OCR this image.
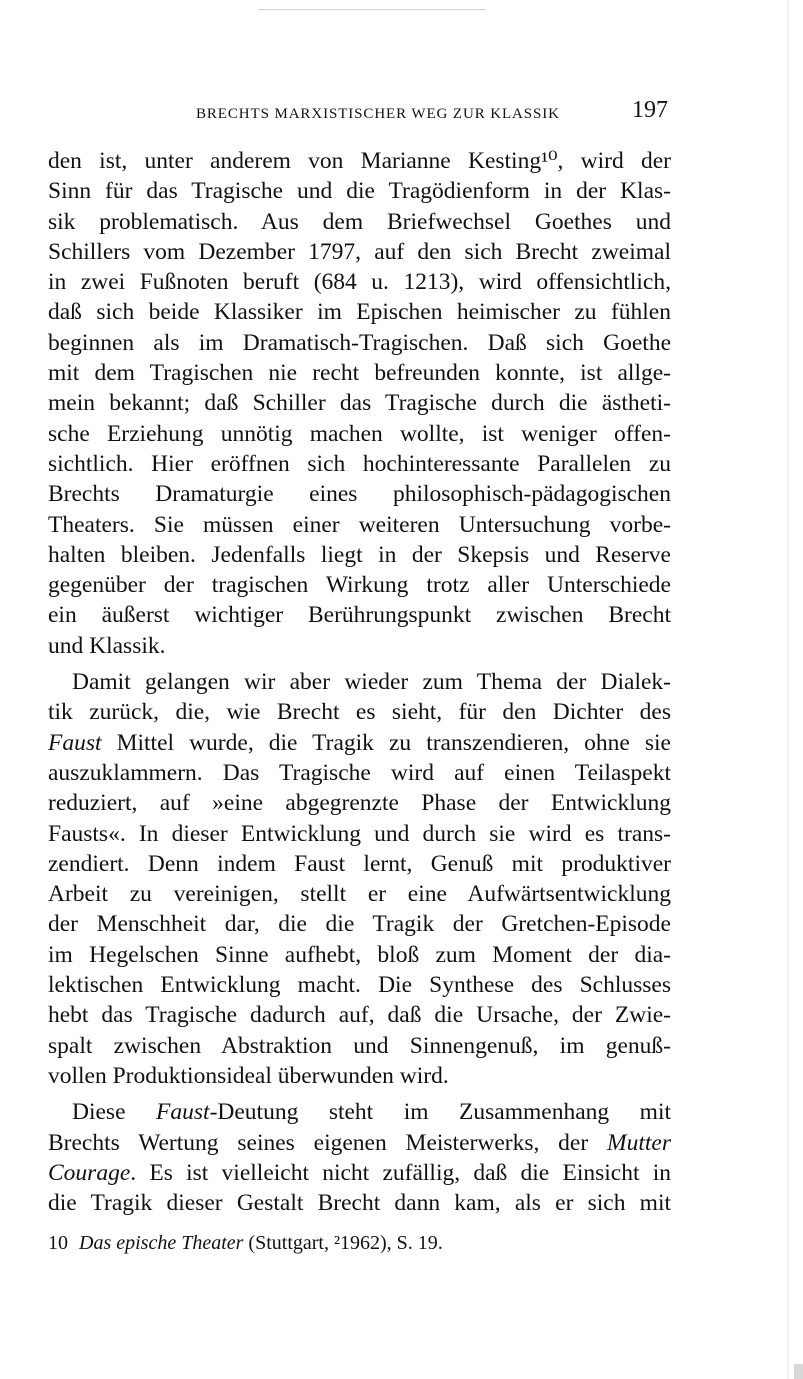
BRECHTS MARXISTISCHER WEG ZUR KLASSIK	197
den ist, unter anderem von Marianne Kesting¹⁰, wird der
Sinn für das Tragische und die Tragödienform in der Klas-
sik problematisch. Aus dem Briefwechsel Goethes und
Schillers vom Dezember 1797, auf den sich Brecht zweimal
in zwei Fußnoten beruft (684 u. 1213), wird offensichtlich,
daß sich beide Klassiker im Epischen heimischer zu fühlen
beginnen als im Dramatisch-Tragischen. Daß sich Goethe
mit dem Tragischen nie recht befreunden konnte, ist allge-
mein bekannt; daß Schiller das Tragische durch die ästheti-
sche Erziehung unnötig machen wollte, ist weniger offen-
sichtlich. Hier eröffnen sich hochinteressante Parallelen zu
Brechts Dramaturgie eines philosophisch-pädagogischen
Theaters. Sie müssen einer weiteren Untersuchung vorbe-
halten bleiben. Jedenfalls liegt in der Skepsis und Reserve
gegenüber der tragischen Wirkung trotz aller Unterschiede
ein äußerst wichtiger Berührungspunkt zwischen Brecht
und Klassik.
Damit gelangen wir aber wieder zum Thema der Dialek-
tik zurück, die, wie Brecht es sieht, für den Dichter des
Faust Mittel wurde, die Tragik zu transzendieren, ohne sie
auszuklammern. Das Tragische wird auf einen Teilaspekt
reduziert, auf »eine abgegrenzte Phase der Entwicklung
Fausts«. In dieser Entwicklung und durch sie wird es trans-
zendiert. Denn indem Faust lernt, Genuß mit produktiver
Arbeit zu vereinigen, stellt er eine Aufwärtsentwicklung
der Menschheit dar, die die Tragik der Gretchen-Episode
im Hegelschen Sinne aufhebt, bloß zum Moment der dia-
lektischen Entwicklung macht. Die Synthese des Schlusses
hebt das Tragische dadurch auf, daß die Ursache, der Zwie-
spalt zwischen Abstraktion und Sinnengenuß, im genuß-
vollen Produktionsideal überwunden wird.
Diese Faust-Deutung steht im Zusammenhang mit
Brechts Wertung seines eigenen Meisterwerks, der Mutter
Courage. Es ist vielleicht nicht zufällig, daß die Einsicht in
die Tragik dieser Gestalt Brecht dann kam, als er sich mit
10 Das epische Theater (Stuttgart, ²1962), S. 19.
